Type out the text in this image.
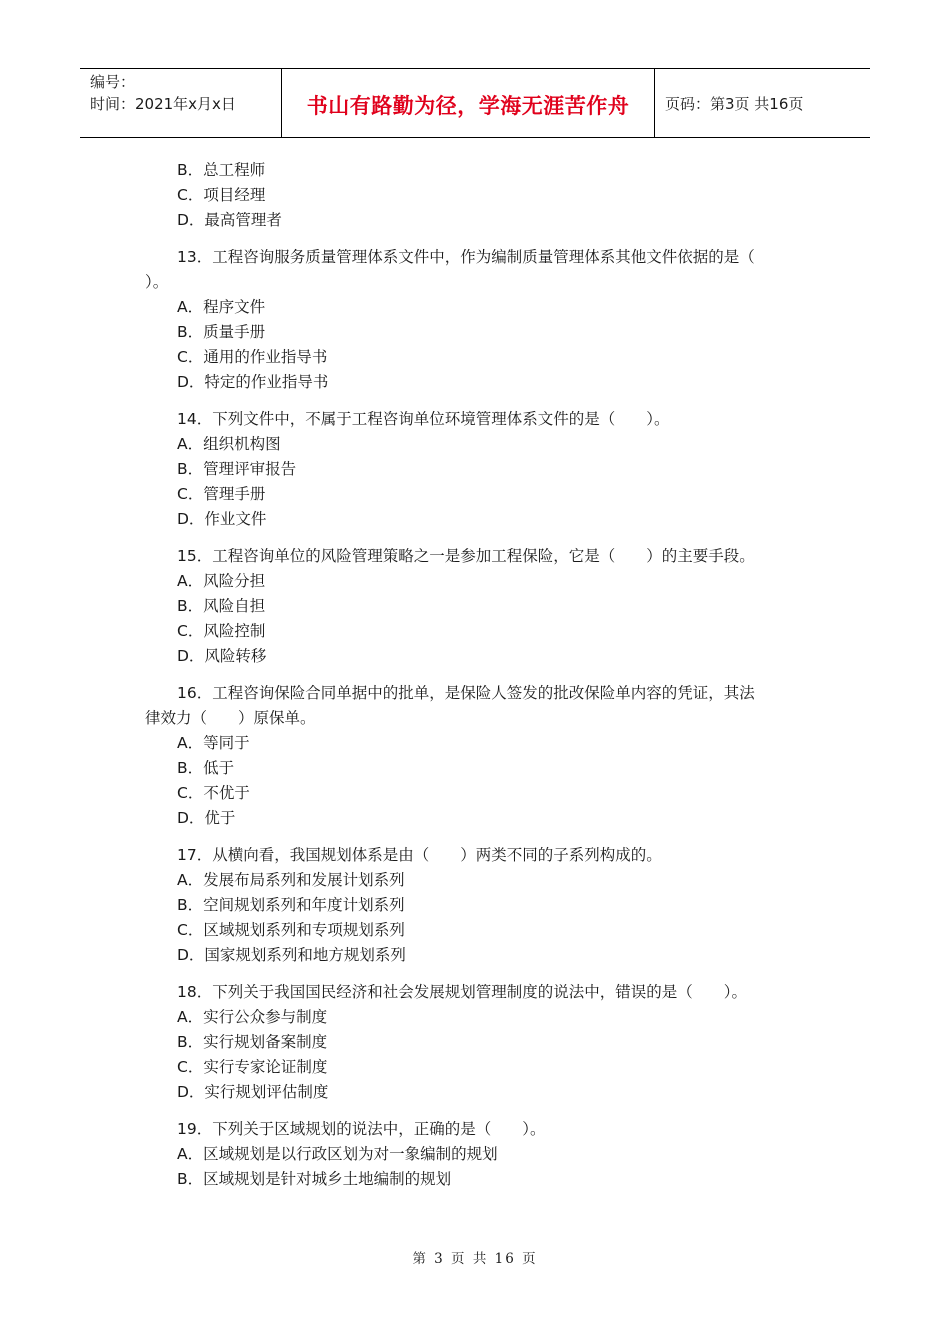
编号：
时间：2021年x月x日	书山有路勤为径，学海无涯苦作舟 页码：第3页 共16页
B．总工程师
C．项目经理
D．最高管理者
13．工程咨询服务质量管理体系文件中，作为编制质量管理体系其他文件依据的是（
）。
A．程序文件
B．质量手册
C．通用的作业指导书
D．特定的作业指导书
14．下列文件中，不属于工程咨询单位环境管理体系文件的是（　　）。
A．组织机构图
B．管理评审报告
C．管理手册
D．作业文件
15．工程咨询单位的风险管理策略之一是参加工程保险，它是（　　）的主要手段。
A．风险分担
B．风险自担
C．风险控制
D．风险转移
16．工程咨询保险合同单据中的批单，是保险人签发的批改保险单内容的凭证，其法
律效力（　　）原保单。
A．等同于
B．低于
C．不优于
D．优于
17．从横向看，我国规划体系是由（　　）两类不同的子系列构成的。
A．发展布局系列和发展计划系列
B．空间规划系列和年度计划系列
C．区域规划系列和专项规划系列
D．国家规划系列和地方规划系列
18．下列关于我国国民经济和社会发展规划管理制度的说法中，错误的是（　　）。
A．实行公众参与制度
B．实行规划备案制度
C．实行专家论证制度
D．实行规划评估制度
19．下列关于区域规划的说法中，正确的是（　　）。
A．区域规划是以行政区划为对一象编制的规划
B．区域规划是针对城乡土地编制的规划
第 3 页 共 16 页
